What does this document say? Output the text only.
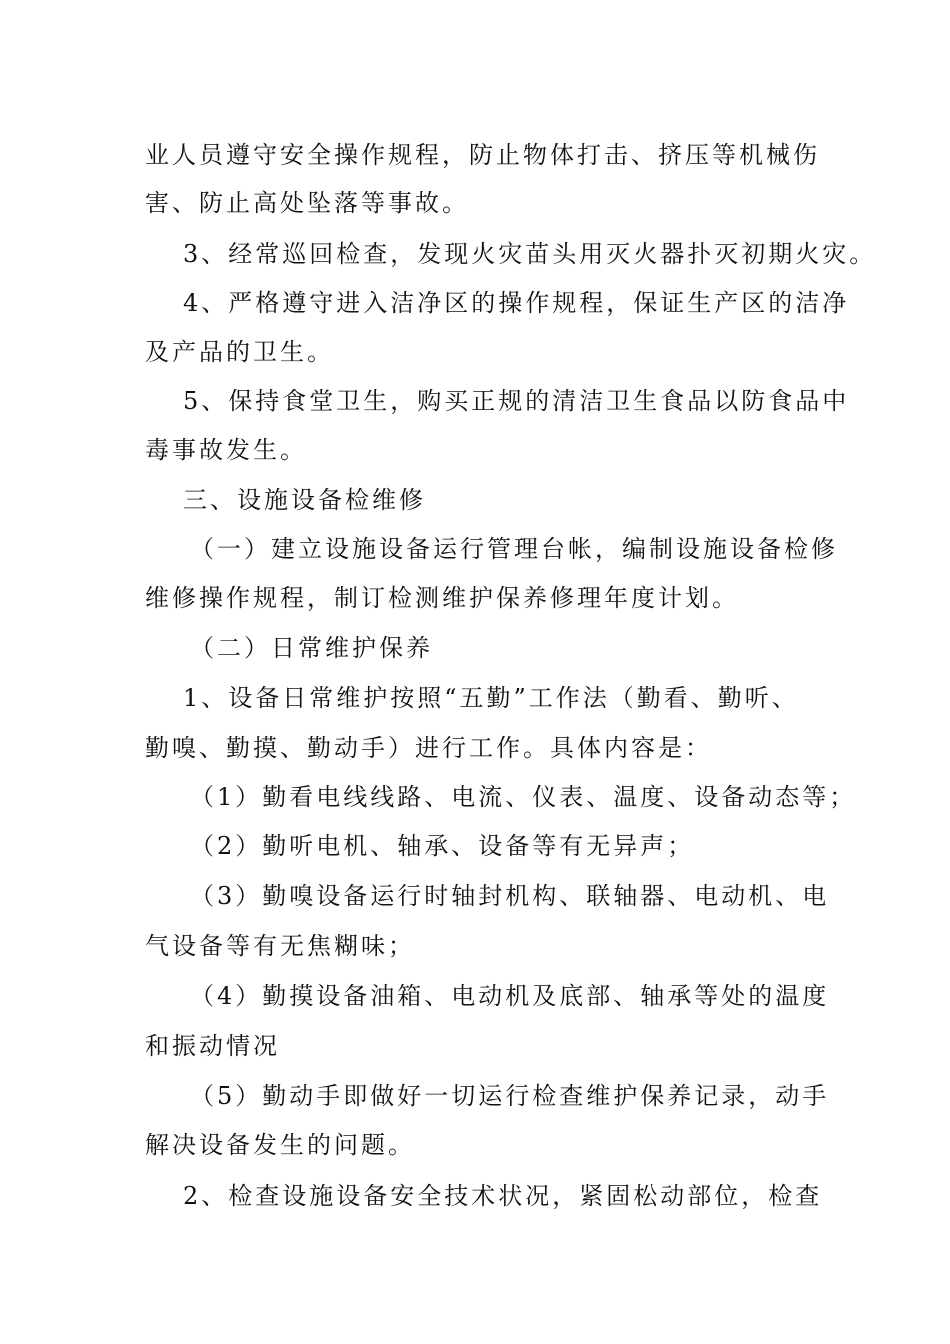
业人员遵守安全操作规程，防止物体打击、挤压等机械伤
害、防止高处坠落等事故。
3、经常巡回检查，发现火灾苗头用灭火器扑灭初期火灾。
4、严格遵守进入洁净区的操作规程，保证生产区的洁净
及产品的卫生。
5、保持食堂卫生，购买正规的清洁卫生食品以防食品中
毒事故发生。
三、设施设备检维修
（一）建立设施设备运行管理台帐，编制设施设备检修
维修操作规程，制订检测维护保养修理年度计划。
（二）日常维护保养
1、设备日常维护按照“五勤”工作法（勤看、勤听、
勤嗅、勤摸、勤动手）进行工作。具体内容是：
（1）勤看电线线路、电流、仪表、温度、设备动态等；
（2）勤听电机、轴承、设备等有无异声；
（3）勤嗅设备运行时轴封机构、联轴器、电动机、电
气设备等有无焦糊味；
（4）勤摸设备油箱、电动机及底部、轴承等处的温度
和振动情况
（5）勤动手即做好一切运行检查维护保养记录，动手
解决设备发生的问题。
2、检查设施设备安全技术状况，紧固松动部位，检查
